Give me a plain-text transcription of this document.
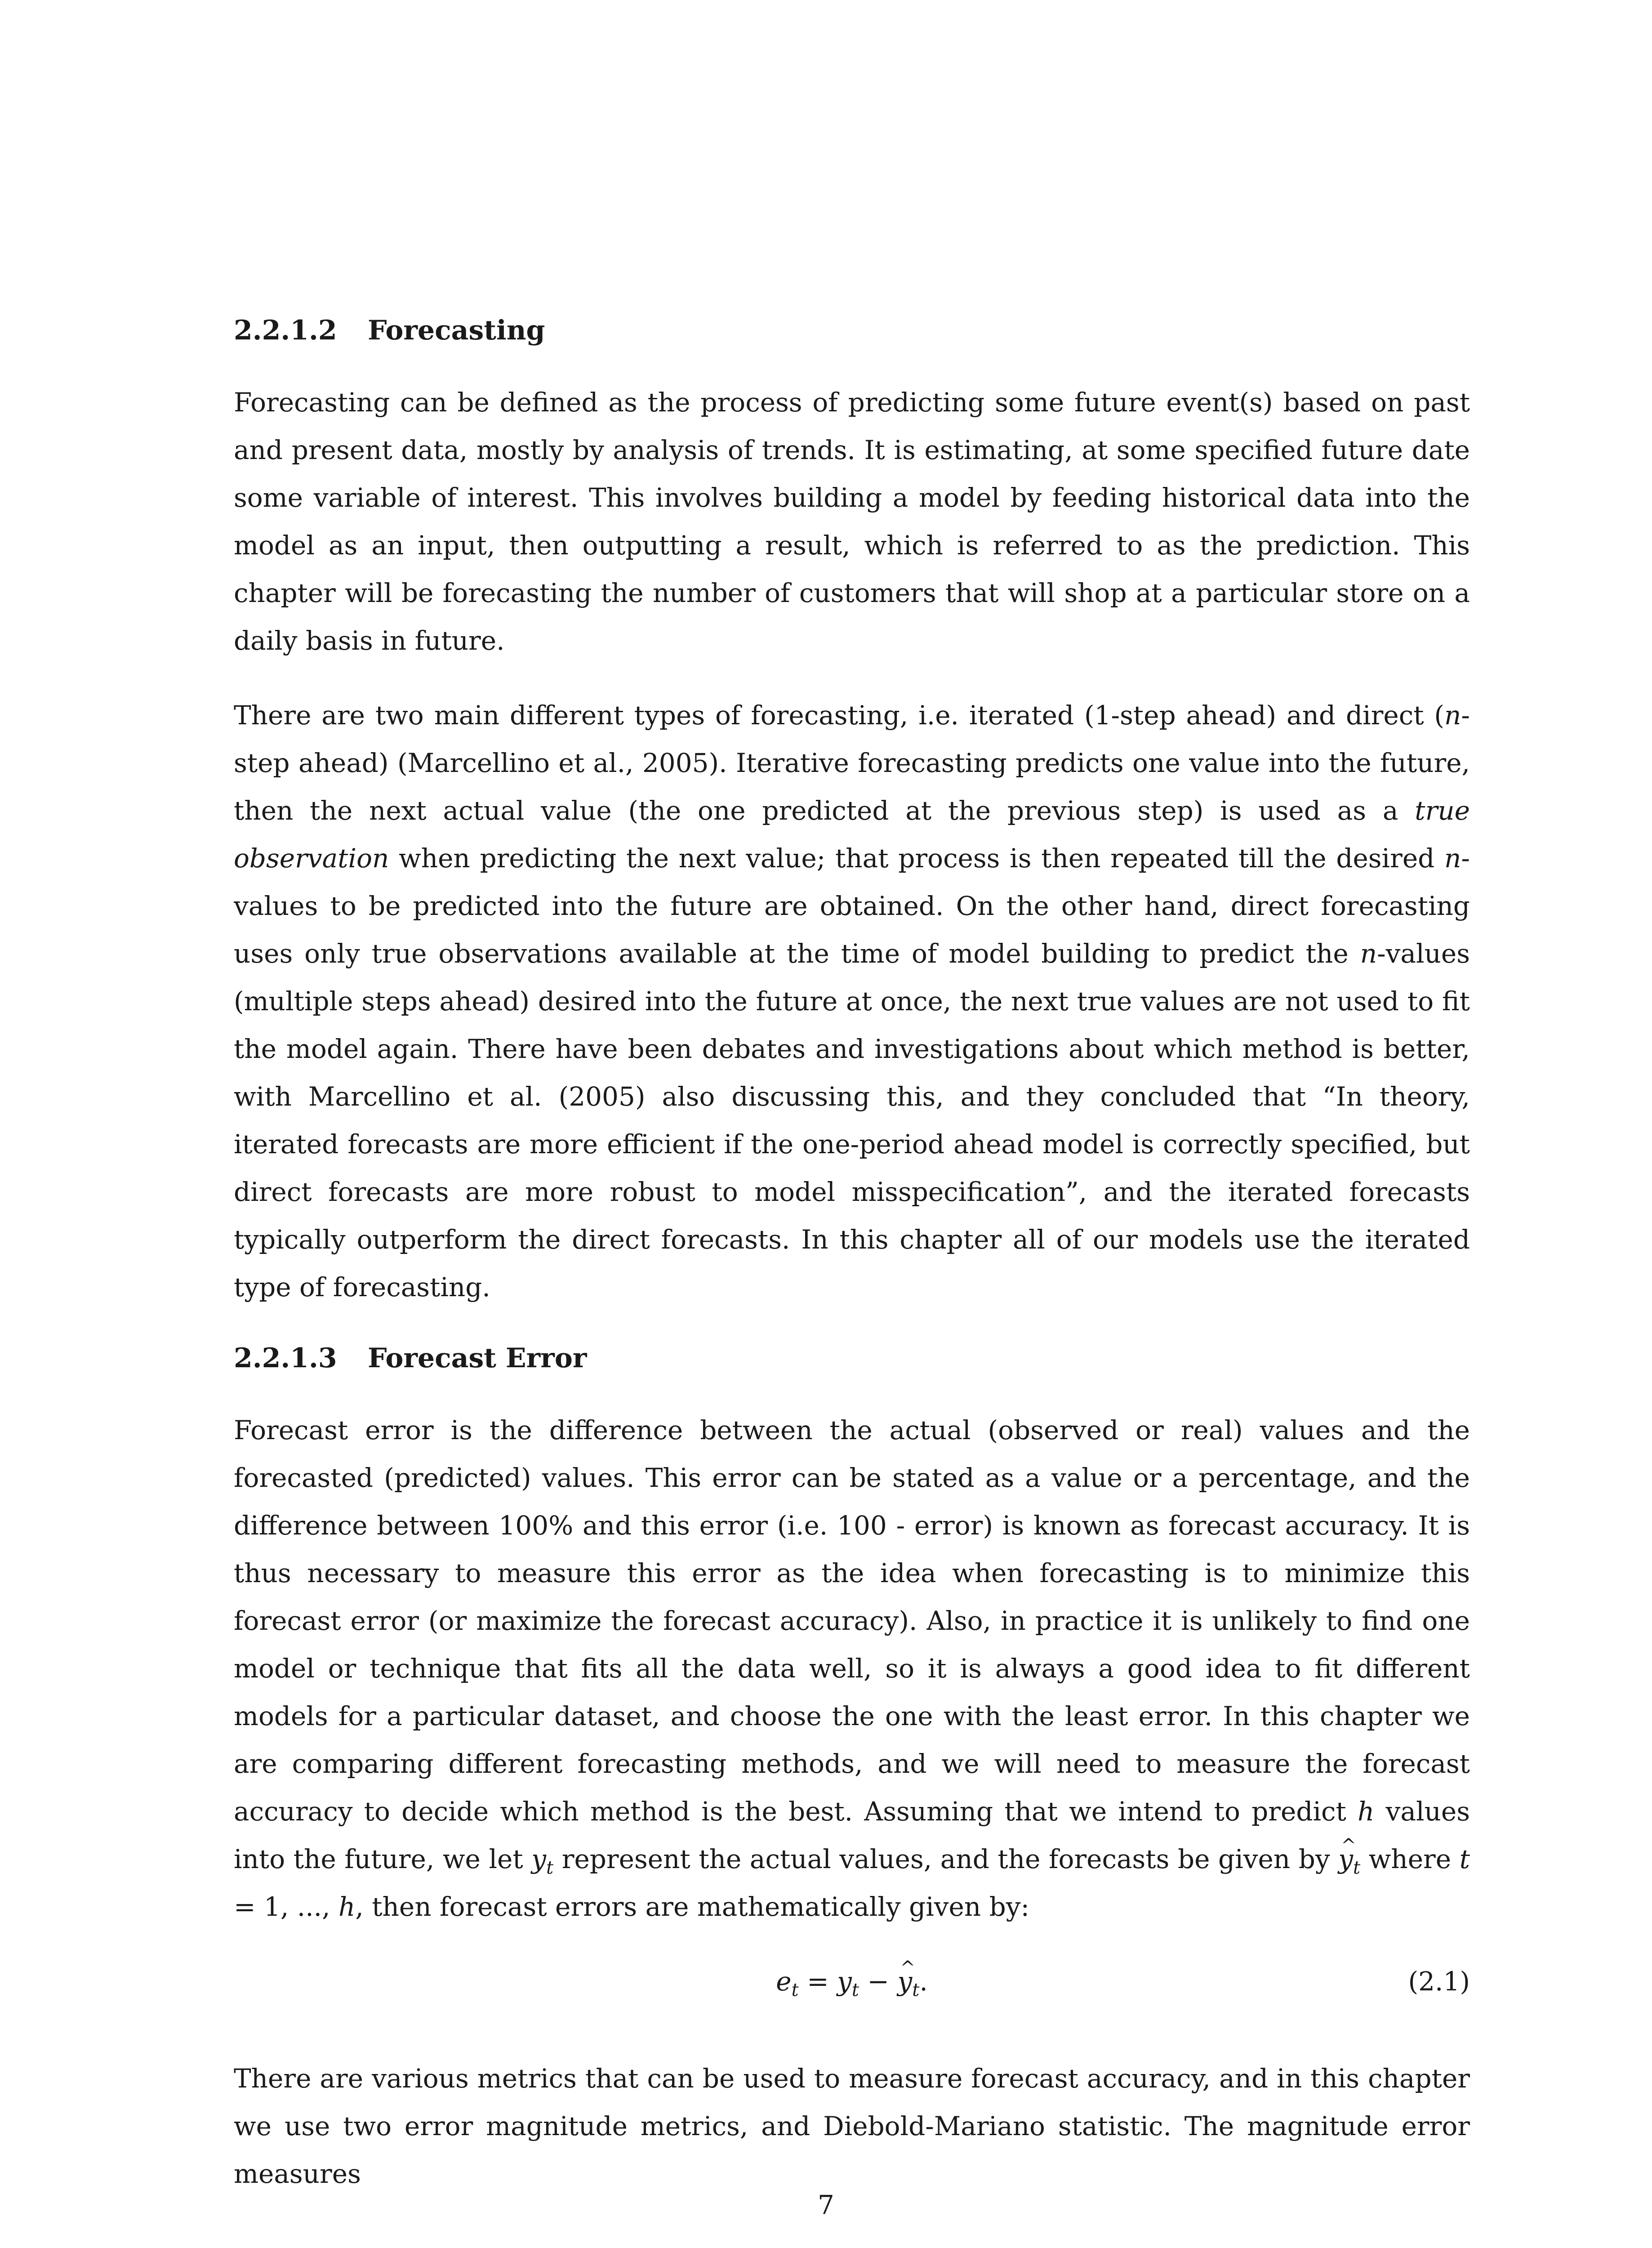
2.2.1.2 Forecasting

Forecasting can be defined as the process of predicting some future event(s) based on past and present data, mostly by analysis of trends. It is estimating, at some specified future date some variable of interest. This involves building a model by feeding historical data into the model as an input, then outputting a result, which is referred to as the prediction. This chapter will be forecasting the number of customers that will shop at a particular store on a daily basis in future.

There are two main different types of forecasting, i.e. iterated (1-step ahead) and direct (n-step ahead) (Marcellino et al., 2005). Iterative forecasting predicts one value into the future, then the next actual value (the one predicted at the previous step) is used as a true observation when predicting the next value; that process is then repeated till the desired n-values to be predicted into the future are obtained. On the other hand, direct forecasting uses only true observations available at the time of model building to predict the n-values (multiple steps ahead) desired into the future at once, the next true values are not used to fit the model again. There have been debates and investigations about which method is better, with Marcellino et al. (2005) also discussing this, and they concluded that “In theory, iterated forecasts are more efficient if the one-period ahead model is correctly specified, but direct forecasts are more robust to model misspecification”, and the iterated forecasts typically outperform the direct forecasts. In this chapter all of our models use the iterated type of forecasting.

2.2.1.3 Forecast Error

Forecast error is the difference between the actual (observed or real) values and the forecasted (predicted) values. This error can be stated as a value or a percentage, and the difference between 100% and this error (i.e. 100 - error) is known as forecast accuracy. It is thus necessary to measure this error as the idea when forecasting is to minimize this forecast error (or maximize the forecast accuracy). Also, in practice it is unlikely to find one model or technique that fits all the data well, so it is always a good idea to fit different models for a particular dataset, and choose the one with the least error. In this chapter we are comparing different forecasting methods, and we will need to measure the forecast accuracy to decide which method is the best. Assuming that we intend to predict h values into the future, we let $y_t$ represent the actual values, and the forecasts be given by ^ $y_t$ where t = 1, ..., h, then forecast errors are mathematically given by:

$e_t = y_t$ − ^ $y_t$.	(2.1)

There are various metrics that can be used to measure forecast accuracy, and in this chapter we use two error magnitude metrics, and Diebold-Mariano statistic. The magnitude error measures

7
